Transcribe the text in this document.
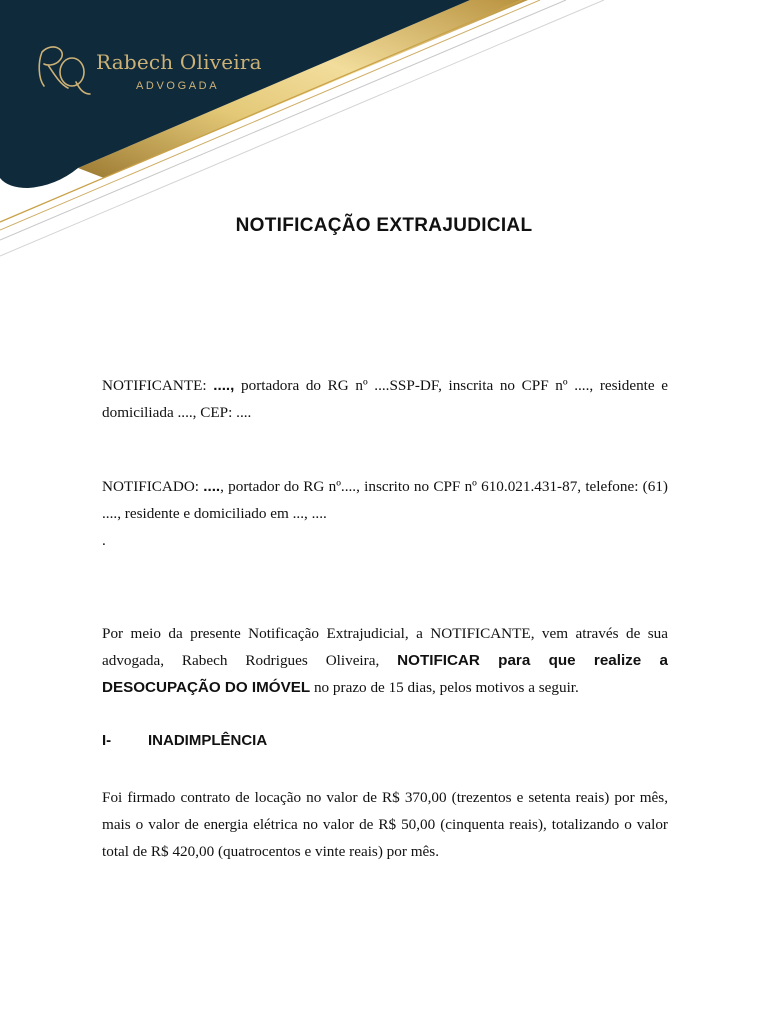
Rabech Oliveira
ADVOGADA
NOTIFICAÇÃO EXTRAJUDICIAL

NOTIFICANTE: ...., portadora do RG nº ....SSP-DF, inscrita no CPF nº ...., residente e domiciliada ...., CEP: ....

NOTIFICADO: ...., portador do RG nº...., inscrito no CPF nº 610.021.431-87, telefone: (61) ...., residente e domiciliado em ..., ....
.

Por meio da presente Notificação Extrajudicial, a NOTIFICANTE, vem através de sua advogada, Rabech Rodrigues Oliveira, NOTIFICAR para que realize a DESOCUPAÇÃO DO IMÓVEL no prazo de 15 dias, pelos motivos a seguir.

I- INADIMPLÊNCIA

Foi firmado contrato de locação no valor de R$ 370,00 (trezentos e setenta reais) por mês, mais o valor de energia elétrica no valor de R$ 50,00 (cinquenta reais), totalizando o valor total de R$ 420,00 (quatrocentos e vinte reais) por mês.
